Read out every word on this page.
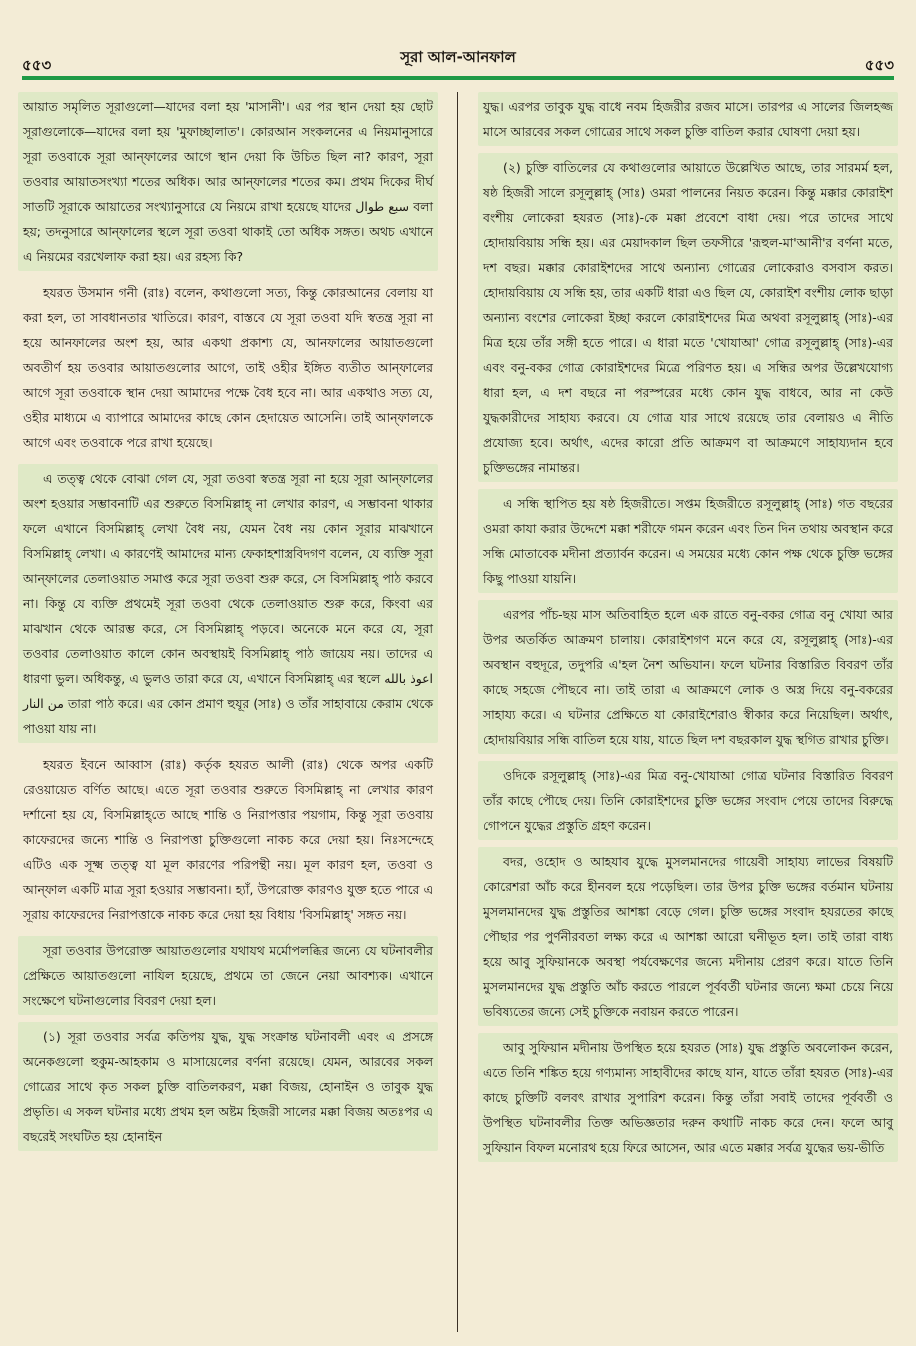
৫৫৩	সূরা আল-আনফাল	৫৫৩

আয়াত সমৃলিত সূরাগুলো—যাদের বলা হয় 'মাসানী'। এর পর স্থান দেয়া হয় ছোট সূরাগুলোকে—যাদের বলা হয় 'মুফাচ্ছালাত'। কোরআন সংকলনের এ নিয়মানুসারে সূরা তওবাকে সূরা আন্‌ফালের আগে স্থান দেয়া কি উচিত ছিল না? কারণ, সূরা তওবার আয়াতসংখ্যা শতের অধিক। আর আন্‌ফালের শতের কম। প্রথম দিকের দীর্ঘ সাতটি সূরাকে আয়াতের সংখ্যানুসারে যে নিয়মে রাখা হয়েছে যাদের سبع طوال বলা হয়; তদনুসারে আন্‌ফালের স্থলে সূরা তওবা থাকাই তো অধিক সঙ্গত। অথচ এখানে এ নিয়মের বরখেলাফ করা হয়। এর রহস্য কি?

হযরত উসমান গনী (রাঃ) বলেন, কথাগুলো সত্য, কিন্তু কোরআনের বেলায় যা করা হল, তা সাবধানতার খাতিরে। কারণ, বাস্তবে যে সূরা তওবা যদি স্বতন্ত্র সূরা না হয়ে আনফালের অংশ হয়, আর একথা প্রকাশ্য যে, আনফালের আয়াতগুলো অবতীর্ণ হয় তওবার আয়াতগুলোর আগে, তাই ওহীর ইঙ্গিত ব্যতীত আন্‌ফালের আগে সূরা তওবাকে স্থান দেয়া আমাদের পক্ষে বৈধ হবে না। আর একথাও সত্য যে, ওহীর মাধ্যমে এ ব্যাপারে আমাদের কাছে কোন হেদায়েত আসেনি। তাই আন্‌ফালকে আগে এবং তওবাকে পরে রাখা হয়েছে।

এ তত্ত্ব থেকে বোঝা গেল যে, সূরা তওবা স্বতন্ত্র সূরা না হয়ে সূরা আন্‌ফালের অংশ হওয়ার সম্ভাবনাটি এর শুরুতে বিসমিল্লাহ্‌ না লেখার কারণ, এ সম্ভাবনা থাকার ফলে এখানে বিসমিল্লাহ্‌ লেখা বৈধ নয়, যেমন বৈধ নয় কোন সূরার মাঝখানে বিসমিল্লাহ্‌ লেখা। এ কারণেই আমাদের মান্য ফেকাহশাস্ত্রবিদগণ বলেন, যে ব্যক্তি সূরা আন্‌ফালের তেলাওয়াত সমাপ্ত করে সূরা তওবা শুরু করে, সে বিসমিল্লাহ্‌ পাঠ করবে না। কিন্তু যে ব্যক্তি প্রথমেই সূরা তওবা থেকে তেলাওয়াত শুরু করে, কিংবা এর মাঝখান থেকে আরম্ভ করে, সে বিসমিল্লাহ্‌ পড়বে। অনেকে মনে করে যে, সূরা তওবার তেলাওয়াত কালে কোন অবস্থায়ই বিসমিল্লাহ্‌ পাঠ জায়েয নয়। তাদের এ ধারণা ভুল। অধিকন্তু, এ ভুলও তারা করে যে, এখানে বিসমিল্লাহ্‌ এর স্থলে اعوذ بالله من النار তারা পাঠ করে। এর কোন প্রমাণ হুযূর (সাঃ) ও তাঁর সাহাবায়ে কেরাম থেকে পাওয়া যায় না।

হযরত ইবনে আব্বাস (রাঃ) কর্তৃক হযরত আলী (রাঃ) থেকে অপর একটি রেওয়ায়েত বর্ণিত আছে। এতে সূরা তওবার শুরুতে বিসমিল্লাহ্‌ না লেখার কারণ দর্শানো হয় যে, বিসমিল্লাহ্‌তে আছে শান্তি ও নিরাপত্তার পয়গাম, কিন্তু সূরা তওবায় কাফেরদের জন্যে শান্তি ও নিরাপত্তা চুক্তিগুলো নাকচ করে দেয়া হয়। নিঃসন্দেহে এটিও এক সূক্ষ্ম তত্ত্ব যা মূল কারণের পরিপন্থী নয়। মূল কারণ হল, তওবা ও আন্‌ফাল একটি মাত্র সূরা হওয়ার সম্ভাবনা। হ্যাঁ, উপরোক্ত কারণও যুক্ত হতে পারে এ সূরায় কাফেরদের নিরাপত্তাকে নাকচ করে দেয়া হয় বিধায় 'বিসমিল্লাহ্‌' সঙ্গত নয়।

সূরা তওবার উপরোক্ত আয়াতগুলোর যথাযথ মর্মোপলব্ধির জন্যে যে ঘটনাবলীর প্রেক্ষিতে আয়াতগুলো নাযিল হয়েছে, প্রথমে তা জেনে নেয়া আবশ্যক। এখানে সংক্ষেপে ঘটনাগুলোর বিবরণ দেয়া হল।

(১) সূরা তওবার সর্বত্র কতিপয় যুদ্ধ, যুদ্ধ সংক্রান্ত ঘটনাবলী এবং এ প্রসঙ্গে অনেকগুলো হুকুম-আহকাম ও মাসায়েলের বর্ণনা রয়েছে। যেমন, আরবের সকল গোত্রের সাথে কৃত সকল চুক্তি বাতিলকরণ, মক্কা বিজয়, হোনাইন ও তাবুক যুদ্ধ প্রভৃতি। এ সকল ঘটনার মধ্যে প্রথম হল অষ্টম হিজরী সালের মক্কা বিজয় অতঃপর এ বছরেই সংঘটিত হয় হোনাইন

যুদ্ধ। এরপর তাবুক যুদ্ধ বাধে নবম হিজরীর রজব মাসে। তারপর এ সালের জিলহজ্জ মাসে আরবের সকল গোত্রের সাথে সকল চুক্তি বাতিল করার ঘোষণা দেয়া হয়।

(২) চুক্তি বাতিলের যে কথাগুলোর আয়াতে উল্লেখিত আছে, তার সারমর্ম হল, ষষ্ঠ হিজরী সালে রসূলুল্লাহ্‌ (সাঃ) ওমরা পালনের নিয়ত করেন। কিন্তু মক্কার কোরাইশ বংশীয় লোকেরা হযরত (সাঃ)-কে মক্কা প্রবেশে বাধা দেয়। পরে তাদের সাথে হোদায়বিয়ায় সন্ধি হয়। এর মেয়াদকাল ছিল তফসীরে 'রূহুল-মা'আনী'র বর্ণনা মতে, দশ বছর। মক্কার কোরাইশদের সাথে অন্যান্য গোত্রের লোকেরাও বসবাস করত। হোদায়বিয়ায় যে সন্ধি হয়, তার একটি ধারা এও ছিল যে, কোরাইশ বংশীয় লোক ছাড়া অন্যান্য বংশের লোকেরা ইচ্ছা করলে কোরাইশদের মিত্র অথবা রসূলুল্লাহ্‌ (সাঃ)-এর মিত্র হয়ে তাঁর সঙ্গী হতে পারে। এ ধারা মতে 'খোযাআ' গোত্র রসূলুল্লাহ্‌ (সাঃ)-এর এবং বনু-বকর গোত্র কোরাইশদের মিত্রে পরিণত হয়। এ সন্ধির অপর উল্লেখযোগ্য ধারা হল, এ দশ বছরে না পরস্পরের মধ্যে কোন যুদ্ধ বাধবে, আর না কেউ যুদ্ধকারীদের সাহায্য করবে। যে গোত্র যার সাথে রয়েছে তার বেলায়ও এ নীতি প্রযোজ্য হবে। অর্থাৎ, এদের কারো প্রতি আক্রমণ বা আক্রমণে সাহায্যদান হবে চুক্তিভঙ্গের নামান্তর।

এ সন্ধি স্থাপিত হয় ষষ্ঠ হিজরীতে। সপ্তম হিজরীতে রসূলুল্লাহ্‌ (সাঃ) গত বছরের ওমরা কাযা করার উদ্দেশে মক্কা শরীফে গমন করেন এবং তিন দিন তথায় অবস্থান করে সন্ধি মোতাবেক মদীনা প্রত্যার্বন করেন। এ সময়ের মধ্যে কোন পক্ষ থেকে চুক্তি ভঙ্গের কিছু পাওয়া যায়নি।

এরপর পাঁচ-ছয় মাস অতিবাহিত হলে এক রাতে বনু-বকর গোত্র বনু খোযা আর উপর অতর্কিত আক্রমণ চালায়। কোরাইশগণ মনে করে যে, রসূলুল্লাহ্‌ (সাঃ)-এর অবস্থান বহুদূরে, তদুপরি এ'হল নৈশ অভিযান। ফলে ঘটনার বিস্তারিত বিবরণ তাঁর কাছে সহজে পৌছবে না। তাই তারা এ আক্রমণে লোক ও অস্ত্র দিয়ে বনু-বকরের সাহায্য করে। এ ঘটনার প্রেক্ষিতে যা কোরাইশেরাও স্বীকার করে নিয়েছিল। অর্থাৎ, হোদায়বিয়ার সন্ধি বাতিল হয়ে যায়, যাতে ছিল দশ বছরকাল যুদ্ধ স্থগিত রাখার চুক্তি।

ওদিকে রসূলুল্লাহ্‌ (সাঃ)-এর মিত্র বনু-খোযাআ গোত্র ঘটনার বিস্তারিত বিবরণ তাঁর কাছে পৌছে দেয়। তিনি কোরাইশদের চুক্তি ভঙ্গের সংবাদ পেয়ে তাদের বিরুদ্ধে গোপনে যুদ্ধের প্রস্তুতি গ্রহণ করেন।

বদর, ওহোদ ও আহযাব যুদ্ধে মুসলমানদের গায়েবী সাহায্য লাভের বিষয়টি কোরেশরা আঁচ করে হীনবল হয়ে পড়েছিল। তার উপর চুক্তি ভঙ্গের বর্তমান ঘটনায় মুসলমানদের যুদ্ধ প্রস্তুতির আশঙ্কা বেড়ে গেল। চুক্তি ভঙ্গের সংবাদ হযরতের কাছে পৌছার পর পুর্ণনীরবতা লক্ষ্য করে এ আশঙ্কা আরো ঘনীভূত হল। তাই তারা বাধ্য হয়ে আবু সুফিয়ানকে অবস্থা পর্যবেক্ষণের জন্যে মদীনায় প্রেরণ করে। যাতে তিনি মুসলমানদের যুদ্ধ প্রস্তুতি আঁচ করতে পারলে পূর্ববর্তী ঘটনার জন্যে ক্ষমা চেয়ে নিয়ে ভবিষ্যতের জন্যে সেই চুক্তিকে নবায়ন করতে পারেন।

আবু সুফিয়ান মদীনায় উপস্থিত হয়ে হযরত (সাঃ) যুদ্ধ প্রস্তুতি অবলোকন করেন, এতে তিনি শঙ্কিত হয়ে গণ্যমান্য সাহাবীদের কাছে যান, যাতে তাঁরা হযরত (সাঃ)-এর কাছে চুক্তিটি বলবৎ রাখার সুপারিশ করেন। কিন্তু তাঁরা সবাই তাদের পূর্ববর্তী ও উপস্থিত ঘটনাবলীর তিক্ত অভিজ্ঞতার দরুন কথাটি নাকচ করে দেন। ফলে আবু সুফিয়ান বিফল মনোরথ হয়ে ফিরে আসেন, আর এতে মক্কার সর্বত্র যুদ্ধের ভয়-ভীতি
